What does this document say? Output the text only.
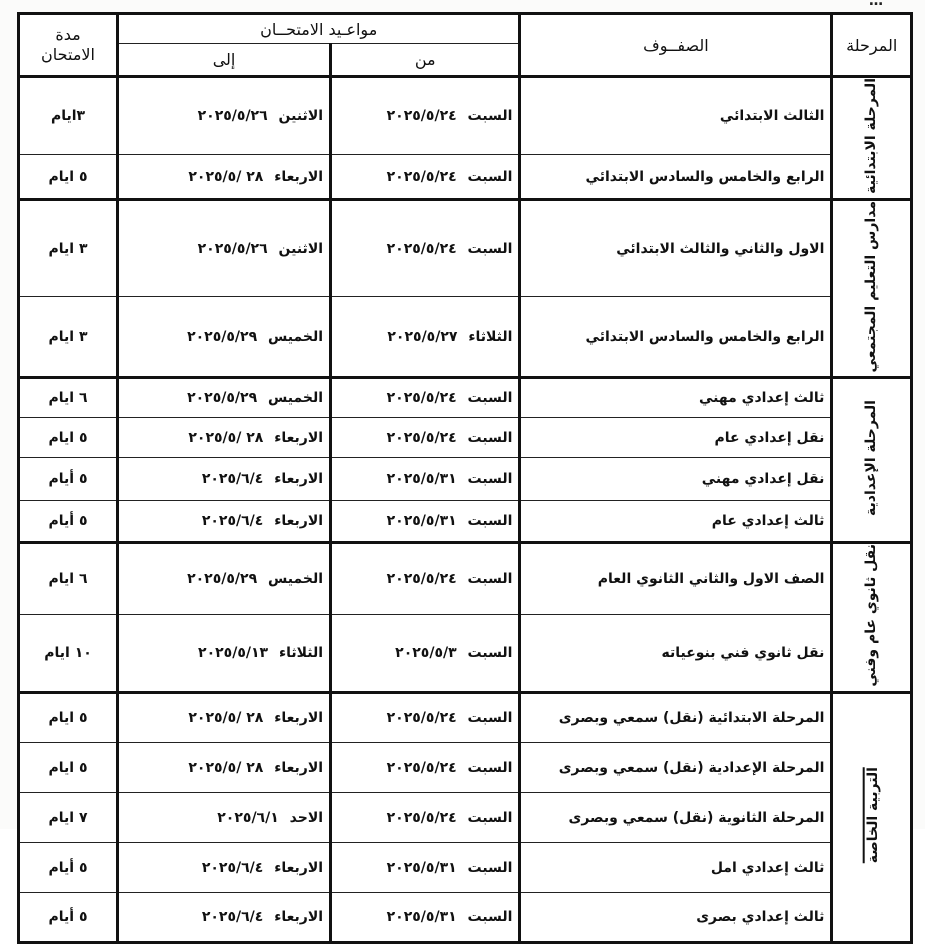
…
المرحلة	الصفــوف	مواعـيد الامتحــان		مدة
الامتحان

		من	إلى	
المرحلة الابتدائية	الثالث الابتدائي	السبت ٢٠٢٥/٥/٢٤	الاثنين ٢٠٢٥/٥/٢٦	٣ايام
	الرابع والخامس والسادس الابتدائي	السبت ٢٠٢٥/٥/٢٤	الاربعاء ٢٨ /٢٠٢٥/٥	٥ ايام
مدارس التعليم المجتمعي	الاول والثاني والثالث الابتدائي	السبت ٢٠٢٥/٥/٢٤	الاثنين ٢٠٢٥/٥/٢٦	٣ ايام
	الرابع والخامس والسادس الابتدائي	الثلاثاء ٢٠٢٥/٥/٢٧	الخميس ٢٠٢٥/٥/٢٩	٣ ايام
المرحلة الإعدادية	ثالث إعدادي مهني	السبت ٢٠٢٥/٥/٢٤	الخميس ٢٠٢٥/٥/٢٩	٦ ايام
	نقل إعدادي عام	السبت ٢٠٢٥/٥/٢٤	الاربعاء ٢٨ /٢٠٢٥/٥	٥ ايام
	نقل إعدادي مهني	السبت ٢٠٢٥/٥/٣١	الاربعاء ٢٠٢٥/٦/٤	٥ أيام
	ثالث إعدادي عام	السبت ٢٠٢٥/٥/٣١	الاربعاء ٢٠٢٥/٦/٤	٥ أيام
نقل ثانوي عام وفني	الصف الاول والثاني الثانوي العام	السبت ٢٠٢٥/٥/٢٤	الخميس ٢٠٢٥/٥/٢٩	٦ ايام
	نقل ثانوي فني بنوعياته	السبت ٢٠٢٥/٥/٣	الثلاثاء ٢٠٢٥/٥/١٣	١٠ ايام
التربية الخاصة	المرحلة الابتدائية (نقل) سمعي وبصرى	السبت ٢٠٢٥/٥/٢٤	الاربعاء ٢٨ /٢٠٢٥/٥	٥ ايام
	المرحلة الإعدادية (نقل) سمعي وبصرى	السبت ٢٠٢٥/٥/٢٤	الاربعاء ٢٨ /٢٠٢٥/٥	٥ ايام
	المرحلة الثانوية (نقل) سمعي وبصرى	السبت ٢٠٢٥/٥/٢٤	الاحد ٢٠٢٥/٦/١	٧ ايام
	ثالث إعدادي امل	السبت ٢٠٢٥/٥/٣١	الاربعاء ٢٠٢٥/٦/٤	٥ أيام
	ثالث إعدادي بصرى	السبت ٢٠٢٥/٥/٣١	الاربعاء ٢٠٢٥/٦/٤	٥ أيام
